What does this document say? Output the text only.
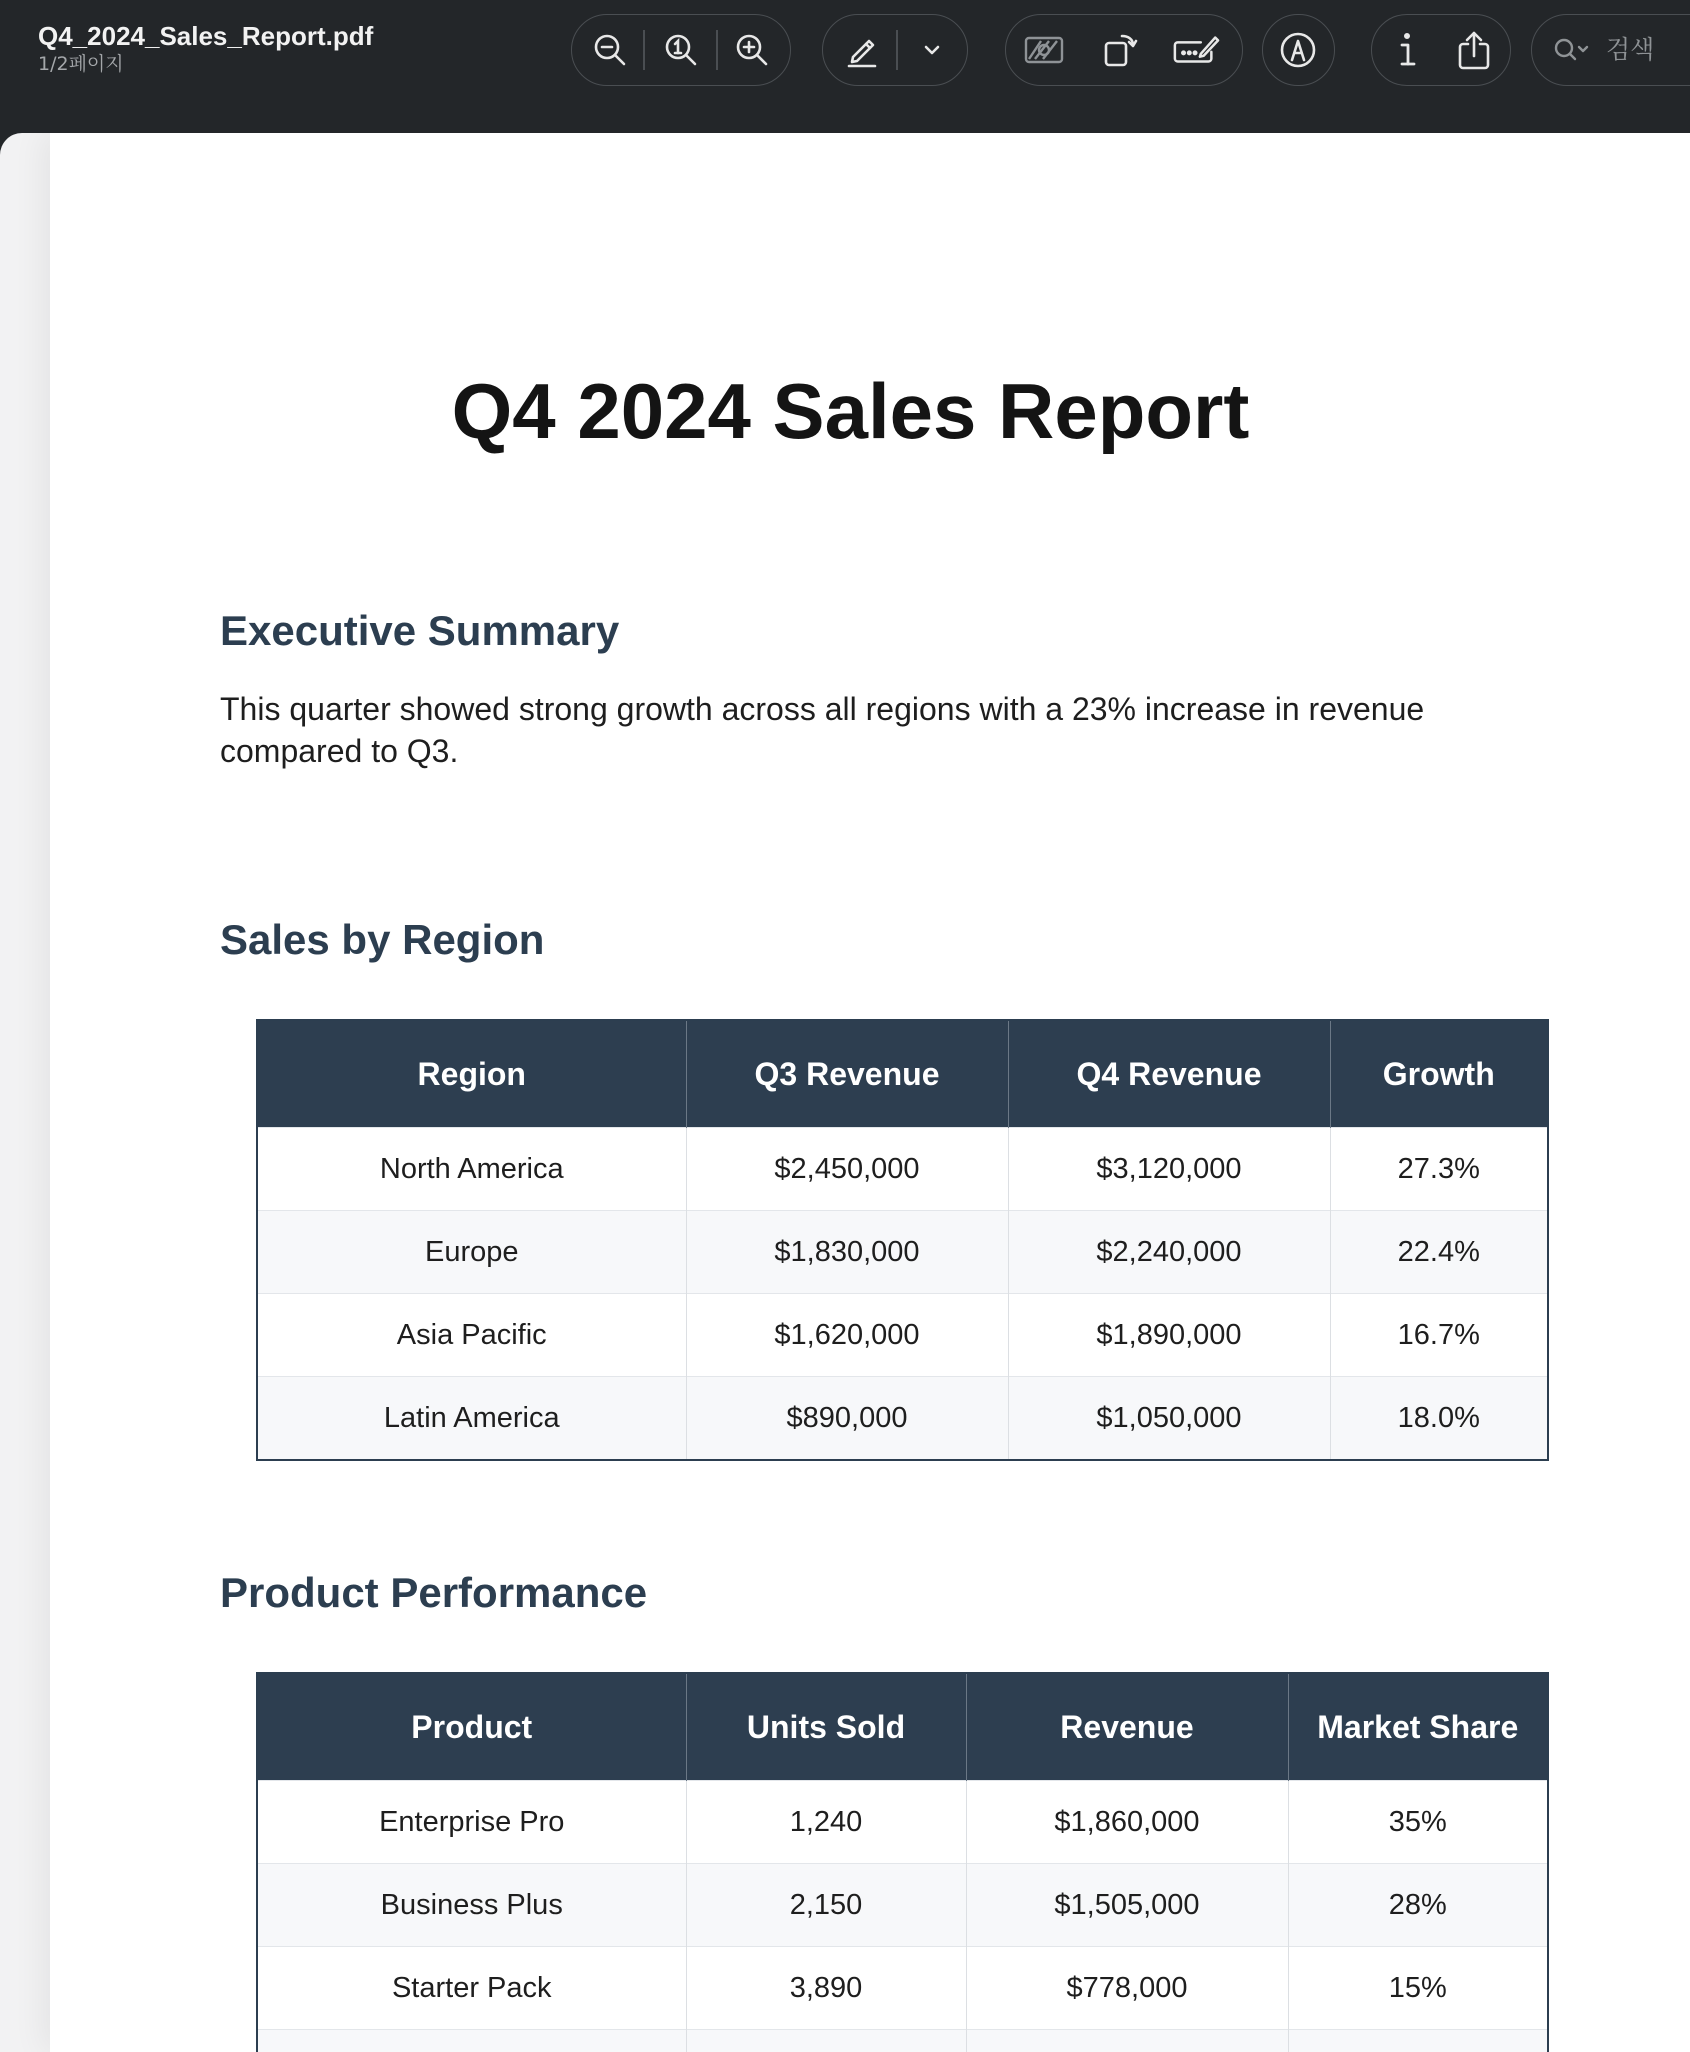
Q4_2024_Sales_Report.pdf
1/2페이지	검색
Q4 2024 Sales Report
Executive Summary

This quarter showed strong growth across all regions with a 23% increase in revenue compared to Q3.

Sales by Region
Region	Q3 Revenue	Q4 Revenue	Growth
North America	$2,450,000	$3,120,000	27.3%
Europe	$1,830,000	$2,240,000	22.4%
Asia Pacific	$1,620,000	$1,890,000	16.7%
Latin America	$890,000	$1,050,000	18.0%
Product Performance
Product	Units Sold	Revenue	Market Share
Enterprise Pro	1,240	$1,860,000	35%
Business Plus	2,150	$1,505,000	28%
Starter Pack	3,890	$778,000	15%
